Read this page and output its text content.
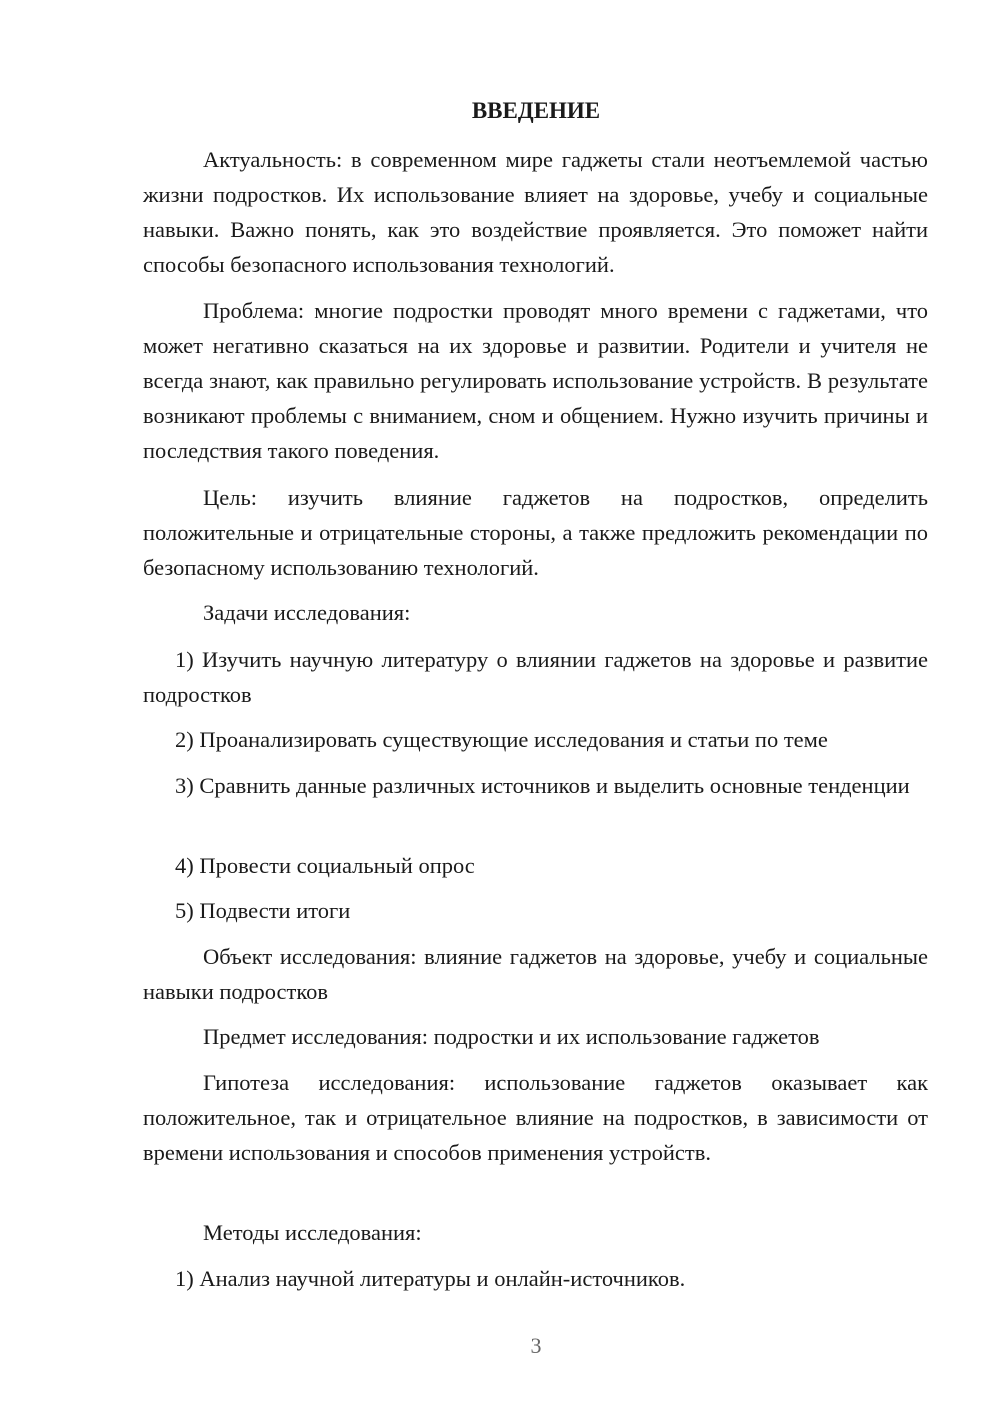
ВВЕДЕНИЕ

Актуальность: в современном мире гаджеты стали неотъемлемой частью жизни подростков. Их использование влияет на здоровье, учебу и социальные навыки. Важно понять, как это воздействие проявляется. Это поможет найти способы безопасного использования технологий.

Проблема: многие подростки проводят много времени с гаджетами, что может негативно сказаться на их здоровье и развитии. Родители и учителя не всегда знают, как правильно регулировать использование устройств. В результате возникают проблемы с вниманием, сном и общением. Нужно изучить причины и последствия такого поведения.

Цель: изучить влияние гаджетов на подростков, определить положительные и отрицательные стороны, а также предложить рекомендации по безопасному использованию технологий.

Задачи исследования:

1) Изучить научную литературу о влиянии гаджетов на здоровье и развитие подростков

2) Проанализировать существующие исследования и статьи по теме

3) Сравнить данные различных источников и выделить основные тенденции

4) Провести социальный опрос

5) Подвести итоги

Объект исследования: влияние гаджетов на здоровье, учебу и социальные навыки подростков

Предмет исследования: подростки и их использование гаджетов

Гипотеза исследования: использование гаджетов оказывает как положительное, так и отрицательное влияние на подростков, в зависимости от времени использования и способов применения устройств.

Методы исследования:

1) Анализ научной литературы и онлайн-источников.

3
